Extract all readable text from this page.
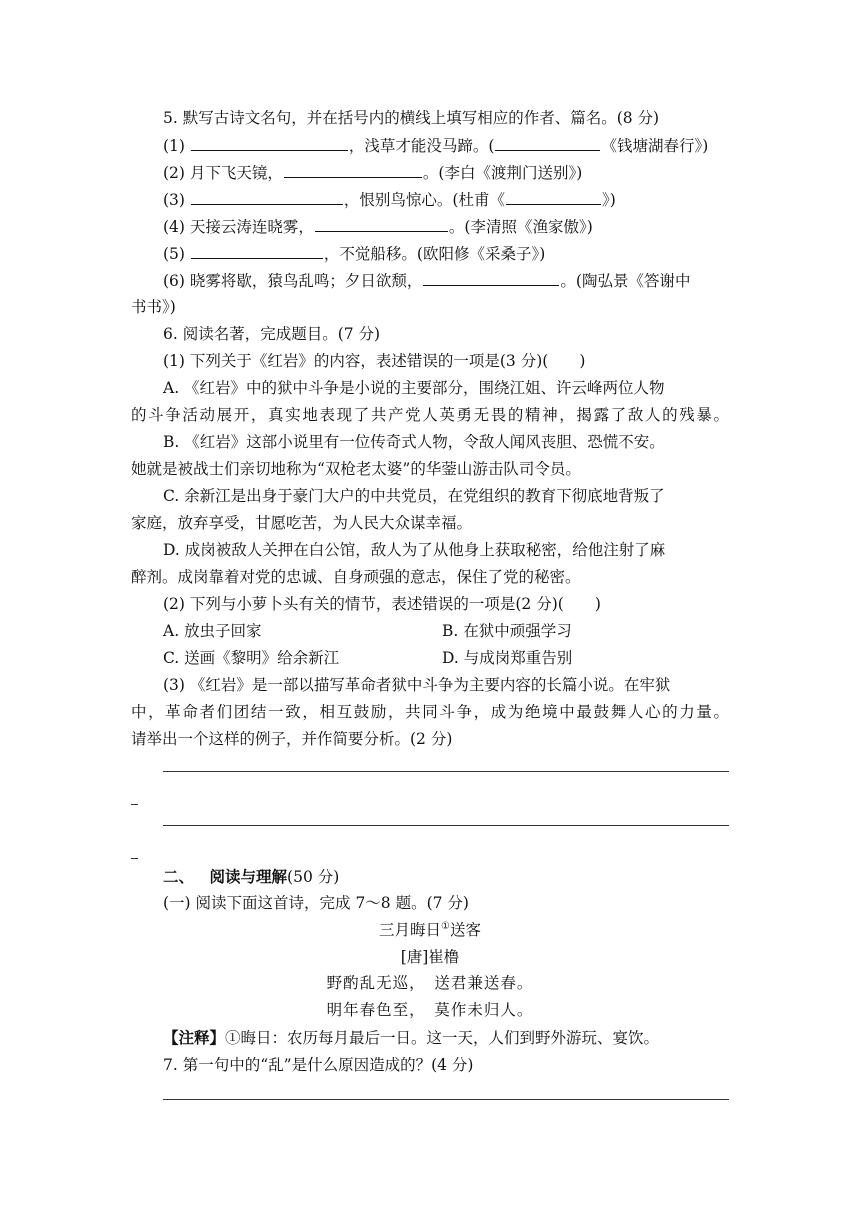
5. 默写古诗文名句，并在括号内的横线上填写相应的作者、篇名。(8 分)
(1)	，浅草才能没马蹄。(	《钱塘湖春行》)
(2) 月下飞天镜，	。(李白《渡荆门送别》)
(3)	，恨别鸟惊心。(杜甫《	》)
(4) 天接云涛连晓雾，	。(李清照《渔家傲》)
(5)	，不觉船移。(欧阳修《采桑子》)
(6) 晓雾将歇，猿鸟乱鸣；夕日欲颓，	。(陶弘景《答谢中
书书》)
6. 阅读名著，完成题目。(7 分)
(1) 下列关于《红岩》的内容，表述错误的一项是(3 分)(　　)
A. 《红岩》中的狱中斗争是小说的主要部分，围绕江姐、许云峰两位人物
的斗争活动展开，真实地表现了共产党人英勇无畏的精神，揭露了敌人的残暴。
B. 《红岩》这部小说里有一位传奇式人物，令敌人闻风丧胆、恐慌不安。
她就是被战士们亲切地称为“双枪老太婆”的华蓥山游击队司令员。
C. 余新江是出身于豪门大户的中共党员，在党组织的教育下彻底地背叛了
家庭，放弃享受，甘愿吃苦，为人民大众谋幸福。
D. 成岗被敌人关押在白公馆，敌人为了从他身上获取秘密，给他注射了麻
醉剂。成岗靠着对党的忠诚、自身顽强的意志，保住了党的秘密。
(2) 下列与小萝卜头有关的情节，表述错误的一项是(2 分)(　　)
A. 放虫子回家	B. 在狱中顽强学习
C. 送画《黎明》给余新江	D. 与成岗郑重告别
(3) 《红岩》是一部以描写革命者狱中斗争为主要内容的长篇小说。在牢狱
中，革命者们团结一致，相互鼓励，共同斗争，成为绝境中最鼓舞人心的力量。
请举出一个这样的例子，并作简要分析。(2 分)
二、  阅读与理解(50 分)
(一) 阅读下面这首诗，完成 7～8 题。(7 分)
三月晦日①送客
[唐]崔橹
野酌乱无巡，　送君兼送春。
明年春色至，　莫作未归人。
【注释】①晦日：农历每月最后一日。这一天，人们到野外游玩、宴饮。
7. 第一句中的“乱”是什么原因造成的？(4 分)
